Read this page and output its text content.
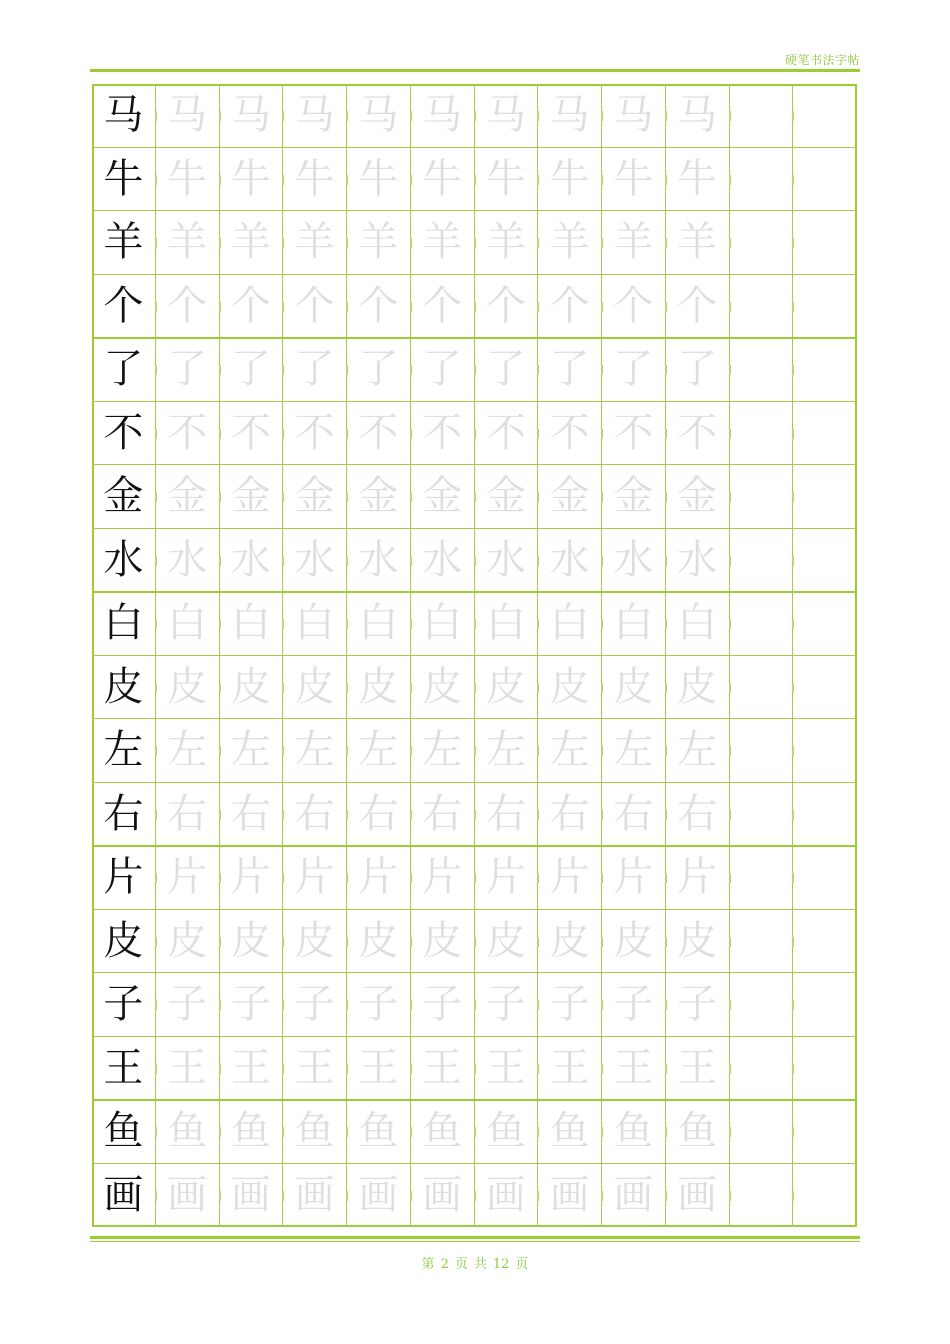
硬笔书法字帖
马 马 马 马 马 马 马 马 马 马
牛 牛 牛 牛 牛 牛 牛 牛 牛 牛
羊 羊 羊 羊 羊 羊 羊 羊 羊 羊
个 个 个 个 个 个 个 个 个 个
了 了 了 了 了 了 了 了 了 了
不 不 不 不 不 不 不 不 不 不
金 金 金 金 金 金 金 金 金 金
水 水 水 水 水 水 水 水 水 水
白 白 白 白 白 白 白 白 白 白
皮 皮 皮 皮 皮 皮 皮 皮 皮 皮
左 左 左 左 左 左 左 左 左 左
右 右 右 右 右 右 右 右 右 右
片 片 片 片 片 片 片 片 片 片
皮 皮 皮 皮 皮 皮 皮 皮 皮 皮
子 子 子 子 子 子 子 子 子 子
王 王 王 王 王 王 王 王 王 王
鱼 鱼 鱼 鱼 鱼 鱼 鱼 鱼 鱼 鱼
画 画 画 画 画 画 画 画 画 画
第 2 页 共 12 页
